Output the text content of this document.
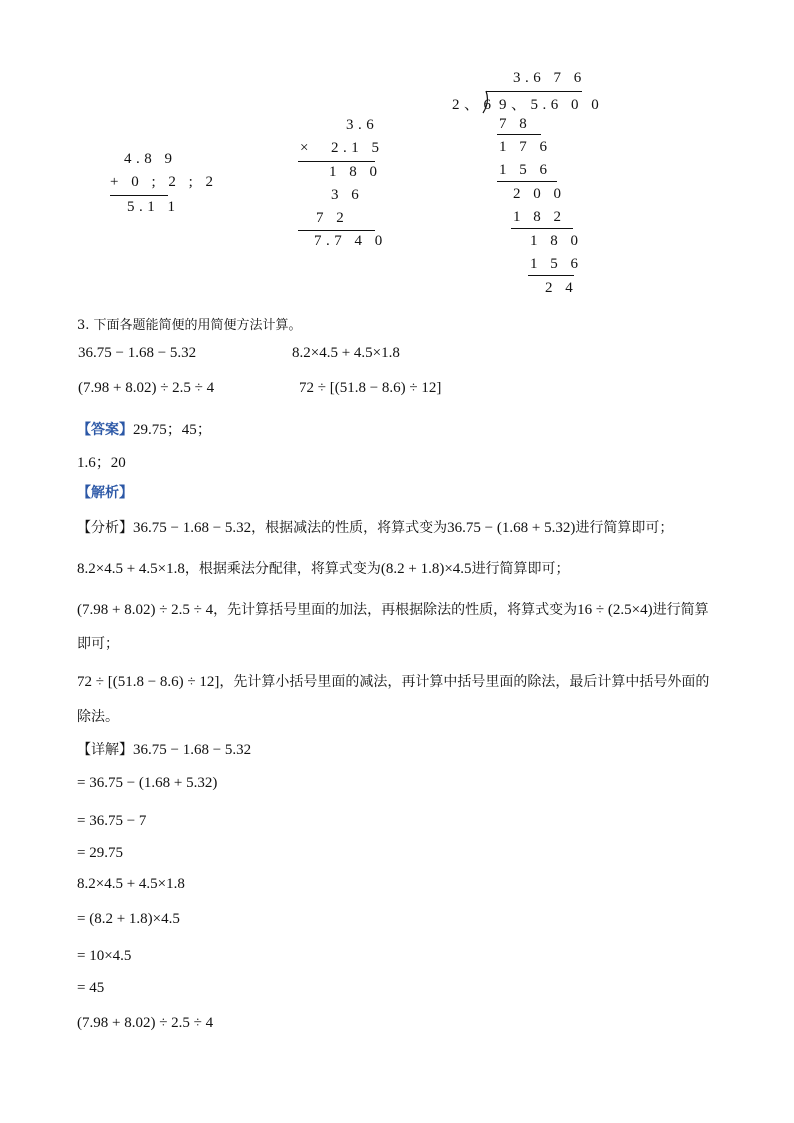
4.8 9
+ 0 ; 2 ; 2
5.1 1
3.6
× 2.1 5
1 8 0
3 6
7 2
7.7 4 0
3.6 7 6
2、6 9、5.6 0 0
7 8
1 7 6
1 5 6
2 0 0
1 8 2
1 8 0
1 5 6
2 4
3. 下面各题能简便的用简便方法计算。
36.75 − 1.68 − 5.32	8.2×4.5 + 4.5×1.8
(7.98 + 8.02) ÷ 2.5 ÷ 4	72 ÷ [(51.8 − 8.6) ÷ 12]
【答案】29.75；45；
1.6；20
【解析】
【分析】36.75 − 1.68 − 5.32，根据减法的性质，将算式变为36.75 − (1.68 + 5.32)进行简算即可；
8.2×4.5 + 4.5×1.8，根据乘法分配律，将算式变为(8.2 + 1.8)×4.5进行简算即可；
(7.98 + 8.02) ÷ 2.5 ÷ 4，先计算括号里面的加法，再根据除法的性质，将算式变为16 ÷ (2.5×4)进行简算
即可；
72 ÷ [(51.8 − 8.6) ÷ 12]，先计算小括号里面的减法，再计算中括号里面的除法，最后计算中括号外面的
除法。
【详解】36.75 − 1.68 − 5.32
= 36.75 − (1.68 + 5.32)
= 36.75 − 7
= 29.75
8.2×4.5 + 4.5×1.8
= (8.2 + 1.8)×4.5
= 10×4.5
= 45
(7.98 + 8.02) ÷ 2.5 ÷ 4
